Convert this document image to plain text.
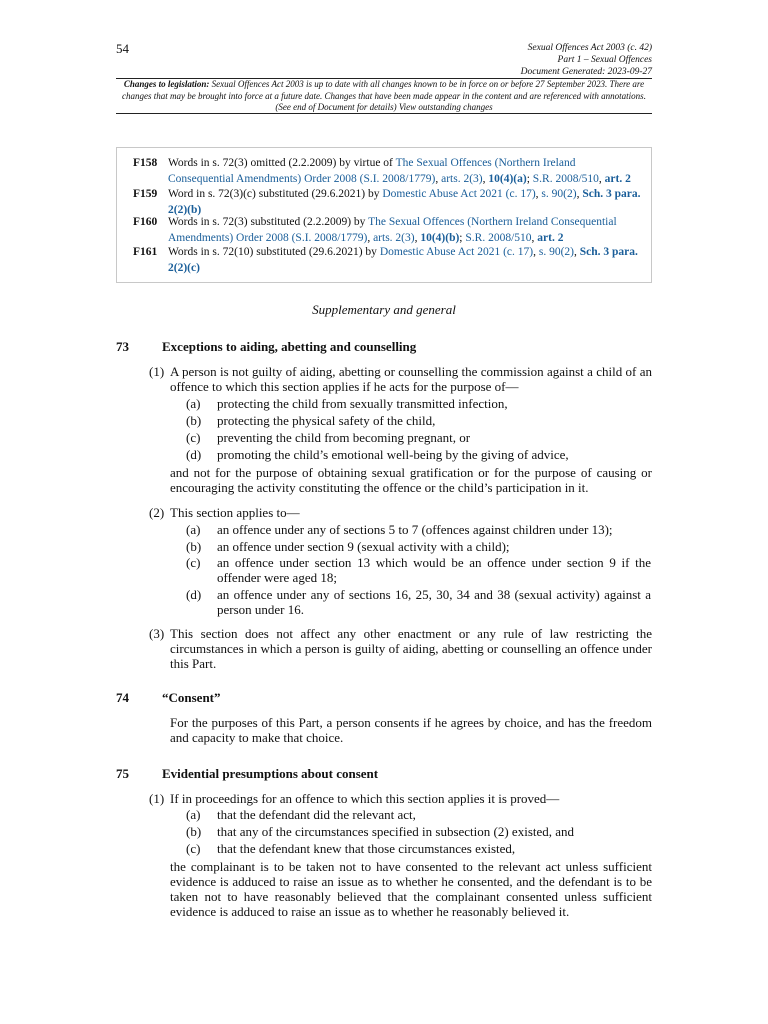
54	Sexual Offences Act 2003 (c. 42)
Part 1 – Sexual Offences
Document Generated: 2023-09-27
Changes to legislation: Sexual Offences Act 2003 is up to date with all changes known to be in force on or before 27 September 2023. There are changes that may be brought into force at a future date. Changes that have been made appear in the content and are referenced with annotations. (See end of Document for details) View outstanding changes
F158 Words in s. 72(3) omitted (2.2.2009) by virtue of The Sexual Offences (Northern Ireland Consequential Amendments) Order 2008 (S.I. 2008/1779), arts. 2(3), 10(4)(a); S.R. 2008/510, art. 2
F159 Word in s. 72(3)(c) substituted (29.6.2021) by Domestic Abuse Act 2021 (c. 17), s. 90(2), Sch. 3 para. 2(2)(b)
F160 Words in s. 72(3) substituted (2.2.2009) by The Sexual Offences (Northern Ireland Consequential Amendments) Order 2008 (S.I. 2008/1779), arts. 2(3), 10(4)(b); S.R. 2008/510, art. 2
F161 Words in s. 72(10) substituted (29.6.2021) by Domestic Abuse Act 2021 (c. 17), s. 90(2), Sch. 3 para. 2(2)(c)
Supplementary and general
73	Exceptions to aiding, abetting and counselling
(1) A person is not guilty of aiding, abetting or counselling the commission against a child of an offence to which this section applies if he acts for the purpose of—
(a) protecting the child from sexually transmitted infection,
(b) protecting the physical safety of the child,
(c) preventing the child from becoming pregnant, or
(d) promoting the child’s emotional well-being by the giving of advice,
and not for the purpose of obtaining sexual gratification or for the purpose of causing or encouraging the activity constituting the offence or the child’s participation in it.
(2) This section applies to—
(a) an offence under any of sections 5 to 7 (offences against children under 13);
(b) an offence under section 9 (sexual activity with a child);
(c) an offence under section 13 which would be an offence under section 9 if the offender were aged 18;
(d) an offence under any of sections 16, 25, 30, 34 and 38 (sexual activity) against a person under 16.
(3) This section does not affect any other enactment or any rule of law restricting the circumstances in which a person is guilty of aiding, abetting or counselling an offence under this Part.
74	“Consent”
For the purposes of this Part, a person consents if he agrees by choice, and has the freedom and capacity to make that choice.
75	Evidential presumptions about consent
(1) If in proceedings for an offence to which this section applies it is proved—
(a) that the defendant did the relevant act,
(b) that any of the circumstances specified in subsection (2) existed, and
(c) that the defendant knew that those circumstances existed,
the complainant is to be taken not to have consented to the relevant act unless sufficient evidence is adduced to raise an issue as to whether he consented, and the defendant is to be taken not to have reasonably believed that the complainant consented unless sufficient evidence is adduced to raise an issue as to whether he reasonably believed it.
